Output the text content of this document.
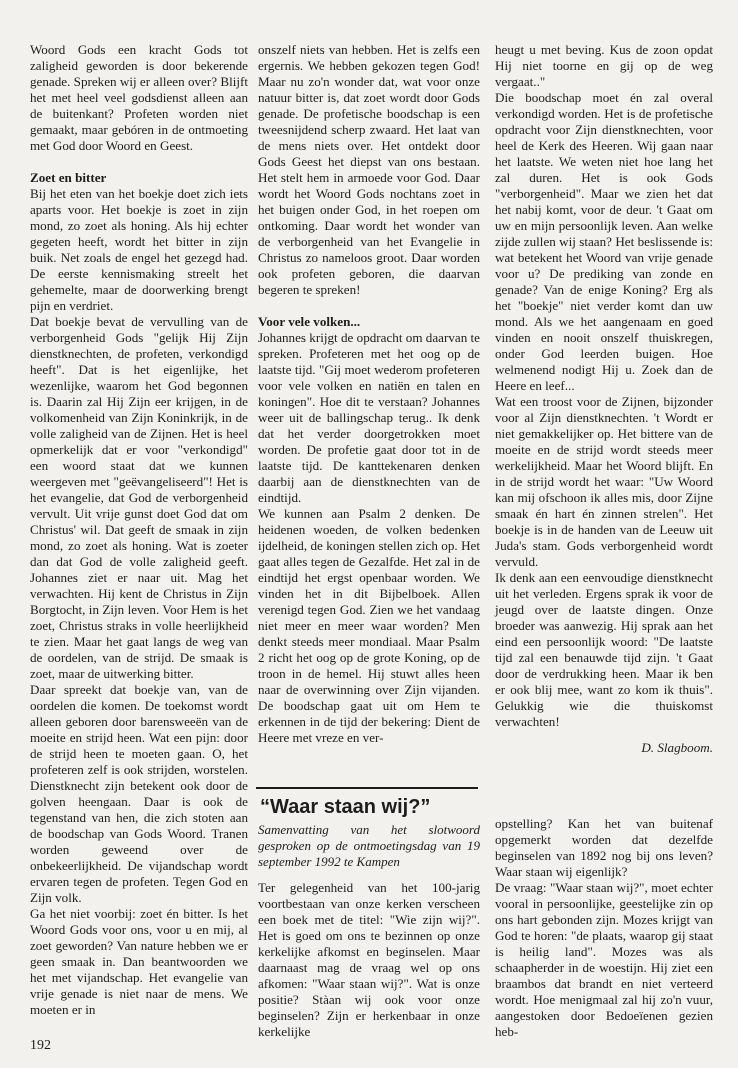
Woord Gods een kracht Gods tot zaligheid geworden is door bekerende genade. Spreken wij er alleen over? Blijft het met heel veel godsdienst alleen aan de buitenkant? Profeten worden niet gemaakt, maar gebóren in de ontmoeting met God door Woord en Geest.

Zoet en bitter

Bij het eten van het boekje doet zich iets aparts voor. Het boekje is zoet in zijn mond, zo zoet als honing. Als hij echter gegeten heeft, wordt het bitter in zijn buik. Net zoals de engel het gezegd had. De eerste kennismaking streelt het gehemelte, maar de doorwerking brengt pijn en verdriet.

Dat boekje bevat de vervulling van de verborgenheid Gods "gelijk Hij Zijn dienstknechten, de profeten, verkondigd heeft". Dat is het eigenlijke, het wezenlijke, waarom het God begonnen is. Daarin zal Hij Zijn eer krijgen, in de volkomenheid van Zijn Koninkrijk, in de volle zaligheid van de Zijnen. Het is heel opmerkelijk dat er voor "verkondigd" een woord staat dat we kunnen weergeven met "geëvangeliseerd"! Het is het evangelie, dat God de verborgenheid vervult. Uit vrije gunst doet God dat om Christus' wil. Dat geeft de smaak in zijn mond, zo zoet als honing. Wat is zoeter dan dat God de volle zaligheid geeft. Johannes ziet er naar uit. Mag het verwachten. Hij kent de Christus in Zijn Borgtocht, in Zijn leven. Voor Hem is het zoet, Christus straks in volle heerlijkheid te zien. Maar het gaat langs de weg van de oordelen, van de strijd. De smaak is zoet, maar de uitwerking bitter.

Daar spreekt dat boekje van, van de oordelen die komen. De toekomst wordt alleen geboren door barensweeën van de moeite en strijd heen. Wat een pijn: door de strijd heen te moeten gaan. O, het profeteren zelf is ook strijden, worstelen. Dienstknecht zijn betekent ook door de golven heengaan. Daar is ook de tegenstand van hen, die zich stoten aan de boodschap van Gods Woord. Tranen worden geweend over de onbekeerlijkheid. De vijandschap wordt ervaren tegen de profeten. Tegen God en Zijn volk.

Ga het niet voorbij: zoet én bitter. Is het Woord Gods voor ons, voor u en mij, al zoet geworden? Van nature hebben we er geen smaak in. Dan beantwoorden we het met vijandschap. Het evangelie van vrije genade is niet naar de mens. We moeten er in

onszelf niets van hebben. Het is zelfs een ergernis. We hebben gekozen tegen God! Maar nu zo'n wonder dat, wat voor onze natuur bitter is, dat zoet wordt door Gods genade. De profetische boodschap is een tweesnijdend scherp zwaard. Het laat van de mens niets over. Het ontdekt door Gods Geest het diepst van ons bestaan. Het stelt hem in armoede voor God. Daar wordt het Woord Gods nochtans zoet in het buigen onder God, in het roepen om ontkoming. Daar wordt het wonder van de verborgenheid van het Evangelie in Christus zo nameloos groot. Daar worden ook profeten geboren, die daarvan begeren te spreken!

Voor vele volken...

Johannes krijgt de opdracht om daarvan te spreken. Profeteren met het oog op de laatste tijd. "Gij moet wederom profeteren voor vele volken en natiën en talen en koningen". Hoe dit te verstaan? Johannes weer uit de ballingschap terug.. Ik denk dat het verder doorgetrokken moet worden. De profetie gaat door tot in de laatste tijd. De kanttekenaren denken daarbij aan de dienstknechten van de eindtijd.

We kunnen aan Psalm 2 denken. De heidenen woeden, de volken bedenken ijdelheid, de koningen stellen zich op. Het gaat alles tegen de Gezalfde. Het zal in de eindtijd het ergst openbaar worden. We vinden het in dit Bijbelboek. Allen verenigd tegen God. Zien we het vandaag niet meer en meer waar worden? Men denkt steeds meer mondiaal. Maar Psalm 2 richt het oog op de grote Koning, op de troon in de hemel. Hij stuwt alles heen naar de overwinning over Zijn vijanden. De boodschap gaat uit om Hem te erkennen in de tijd der bekering: Dient de Heere met vreze en ver-

heugt u met beving. Kus de zoon opdat Hij niet toorne en gij op de weg vergaat.."

Die boodschap moet én zal overal verkondigd worden. Het is de profetische opdracht voor Zijn dienstknechten, voor heel de Kerk des Heeren. Wij gaan naar het laatste. We weten niet hoe lang het zal duren. Het is ook Gods "verborgenheid". Maar we zien het dat het nabij komt, voor de deur. 't Gaat om uw en mijn persoonlijk leven. Aan welke zijde zullen wij staan? Het beslissende is: wat betekent het Woord van vrije genade voor u? De prediking van zonde en genade? Van de enige Koning? Erg als het "boekje" niet verder komt dan uw mond. Als we het aangenaam en goed vinden en nooit onszelf thuiskregen, onder God leerden buigen. Hoe welmenend nodigt Hij u. Zoek dan de Heere en leef...

Wat een troost voor de Zijnen, bijzonder voor al Zijn dienstknechten. 't Wordt er niet gemakkelijker op. Het bittere van de moeite en de strijd wordt steeds meer werkelijkheid. Maar het Woord blijft. En in de strijd wordt het waar: "Uw Woord kan mij ofschoon ik alles mis, door Zijne smaak én hart én zinnen strelen". Het boekje is in de handen van de Leeuw uit Juda's stam. Gods verborgenheid wordt vervuld.

Ik denk aan een eenvoudige dienstknecht uit het verleden. Ergens sprak ik voor de jeugd over de laatste dingen. Onze broeder was aanwezig. Hij sprak aan het eind een persoonlijk woord: "De laatste tijd zal een benauwde tijd zijn. 't Gaat door de verdrukking heen. Maar ik ben er ook blij mee, want zo kom ik thuis". Gelukkig wie die thuiskomst verwachten!

D. Slagboom.

“Waar staan wij?”
Samenvatting van het slotwoord gesproken op de ontmoetingsdag van 19 september 1992 te Kampen

Ter gelegenheid van het 100-jarig voortbestaan van onze kerken verscheen een boek met de titel: "Wie zijn wij?". Het is goed om ons te bezinnen op onze kerkelijke afkomst en beginselen. Maar daarnaast mag de vraag wel op ons afkomen: "Waar staan wij?". Wat is onze positie? Stàan wij ook voor onze beginselen? Zijn er herkenbaar in onze kerkelijke

opstelling? Kan het van buitenaf opgemerkt worden dat dezelfde beginselen van 1892 nog bij ons leven? Waar staan wij eigenlijk?

De vraag: "Waar staan wij?", moet echter vooral in persoonlijke, geestelijke zin op ons hart gebonden zijn. Mozes krijgt van God te horen: "de plaats, waarop gij staat is heilig land". Mozes was als schaapherder in de woestijn. Hij ziet een braambos dat brandt en niet verteerd wordt. Hoe menigmaal zal hij zo'n vuur, aangestoken door Bedoeïenen gezien heb-

192
